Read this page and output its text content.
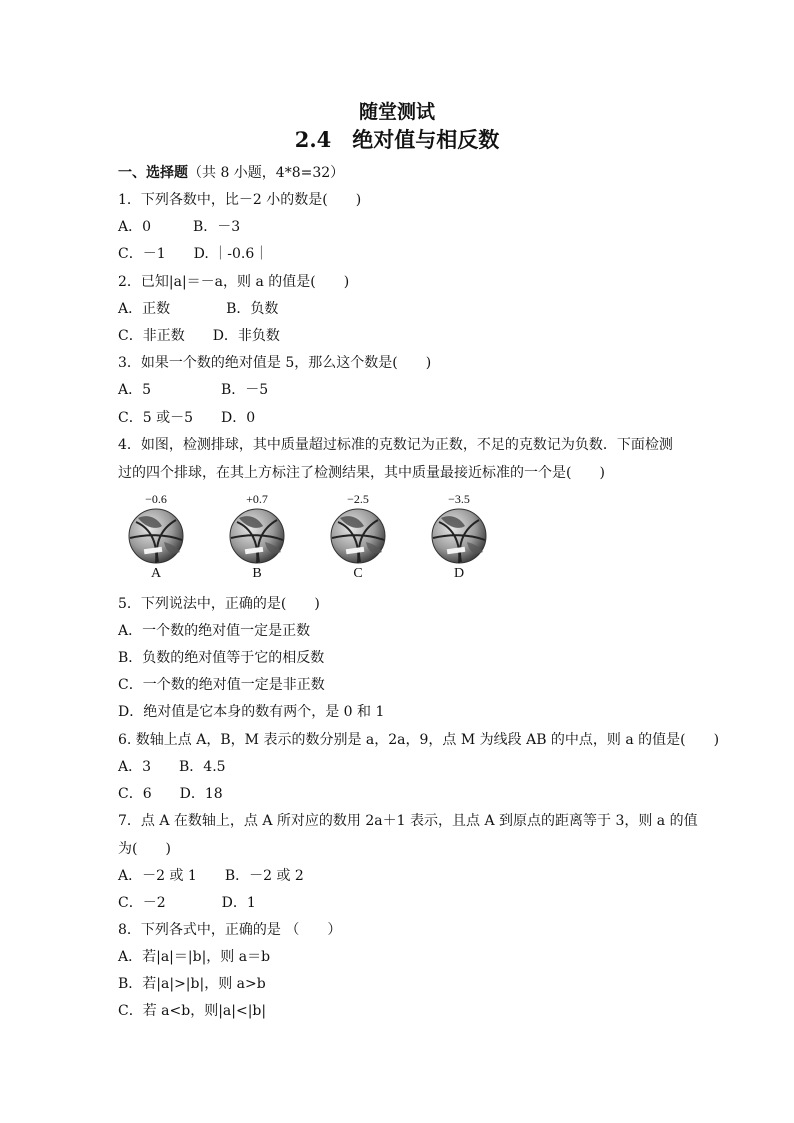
随堂测试
2.4　绝对值与相反数
一、选择题（共 8 小题，4*8=32）
1．下列各数中，比－2 小的数是(　　)
A．0　　　B．－3
C．－1　　D. ｜-0.6｜
2．已知|a|＝－a，则 a 的值是(　　)
A．正数　　　　B．负数
C．非正数　　D．非负数
3．如果一个数的绝对值是 5，那么这个数是(　　)
A．5　　　　　B．－5
C．5 或－5　　D．0
4．如图，检测排球，其中质量超过标准的克数记为正数，不足的克数记为负数．下面检测
过的四个排球，在其上方标注了检测结果，其中质量最接近标准的一个是(　　)
−0.6
A
+0.7
B
−2.5
C
−3.5
D
5．下列说法中，正确的是(　　)
A．一个数的绝对值一定是正数
B．负数的绝对值等于它的相反数
C．一个数的绝对值一定是非正数
D．绝对值是它本身的数有两个，是 0 和 1
6. 数轴上点 A，B，M 表示的数分别是 a，2a，9，点 M 为线段 AB 的中点，则 a 的值是(　　)
A．3　　B．4.5
C．6　　D．18
7．点 A 在数轴上，点 A 所对应的数用 2a＋1 表示，且点 A 到原点的距离等于 3，则 a 的值
为(　　)
A．－2 或 1　　B．－2 或 2
C．－2　　　　D．1
8．下列各式中，正确的是 （　　）
A．若|a|＝|b|，则 a＝b
B．若|a|>|b|，则 a>b
C．若 a<b，则|a|<|b|
